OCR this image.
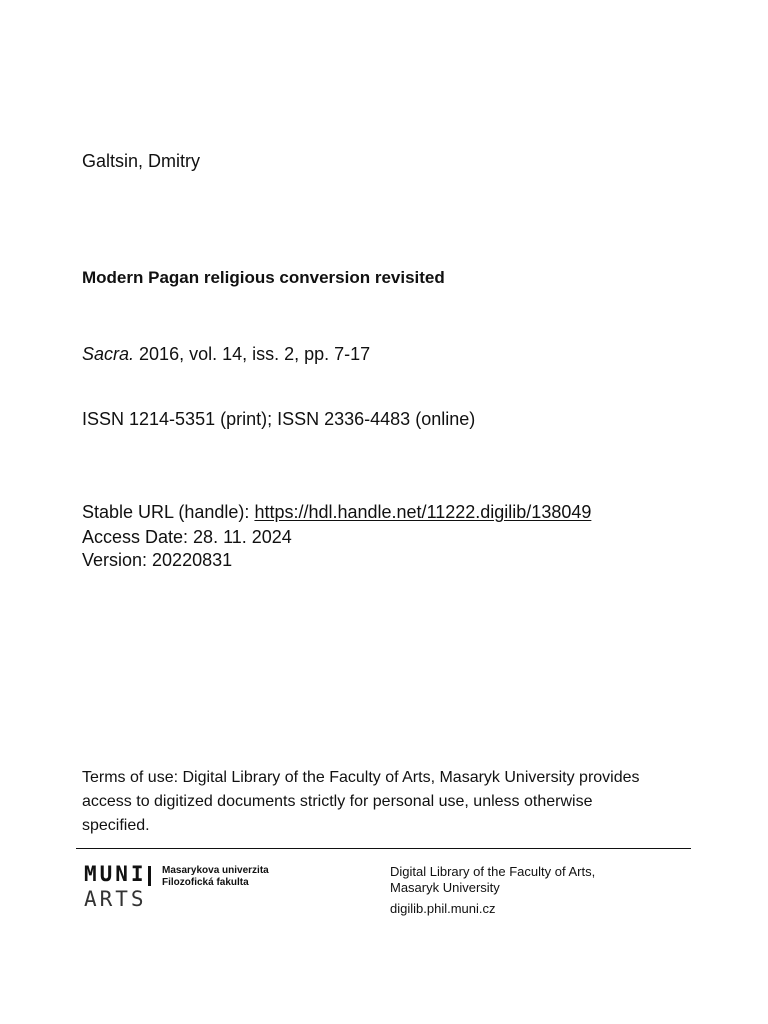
Galtsin, Dmitry

Modern Pagan religious conversion revisited

Sacra. 2016, vol. 14, iss. 2, pp. 7-17

ISSN 1214-5351 (print); ISSN 2336-4483 (online)

Stable URL (handle): https://hdl.handle.net/11222.digilib/138049

Access Date: 28. 11. 2024

Version: 20220831

Terms of use: Digital Library of the Faculty of Arts, Masaryk University provides access to digitized documents strictly for personal use, unless otherwise specified.

MUNI
ARTS
Masarykova univerzita
Filozofická fakulta

Digital Library of the Faculty of Arts,

Masaryk University

digilib.phil.muni.cz
